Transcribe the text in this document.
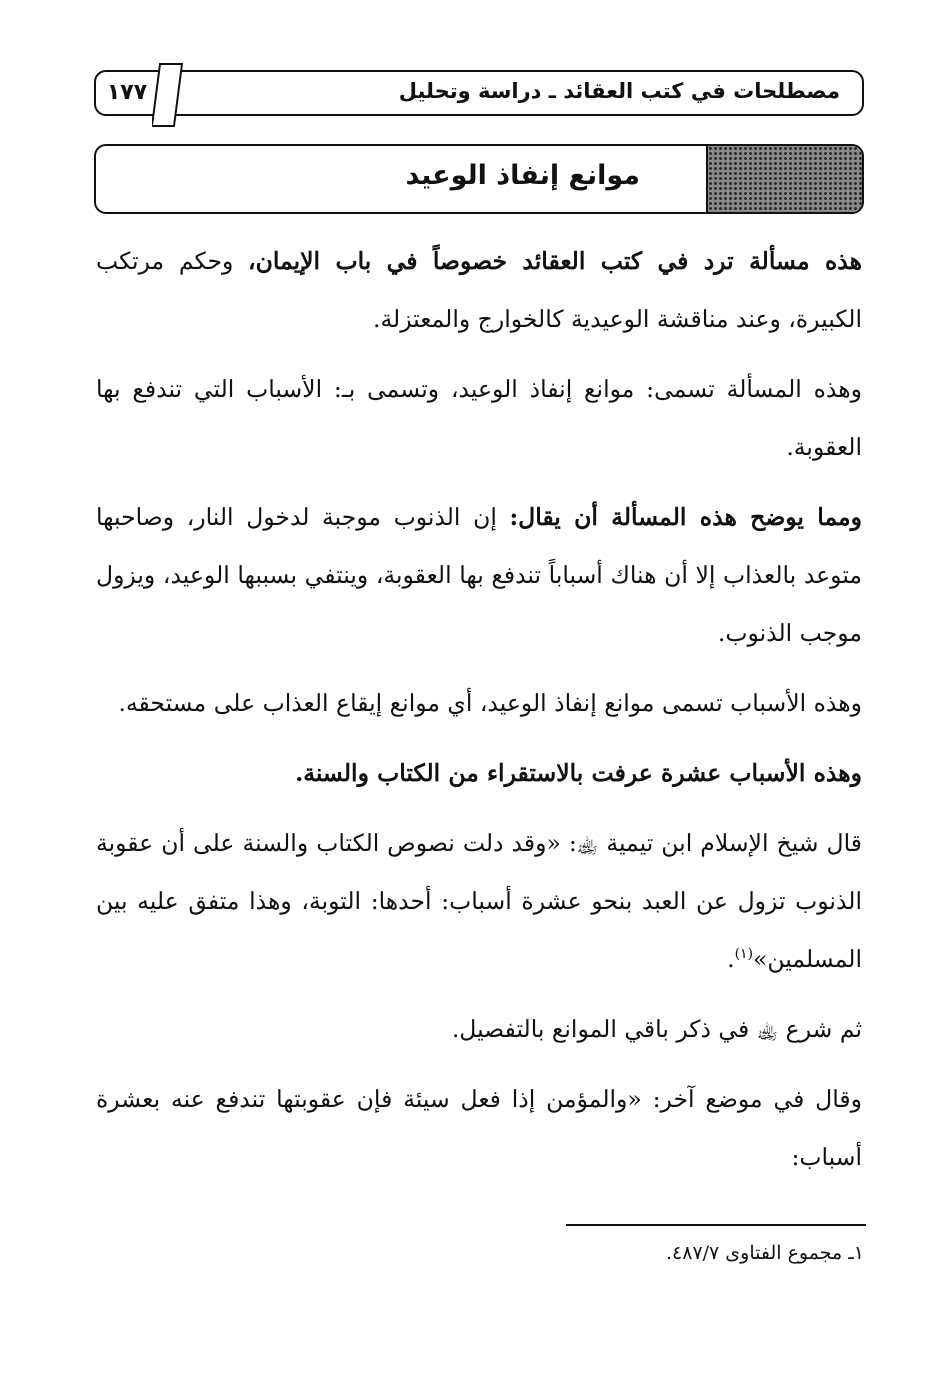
مصطلحات في كتب العقائد ـ دراسة وتحليل
١٧٧
موانع إنفاذ الوعيد

هذه مسألة ترد في كتب العقائد خصوصاً في باب الإيمان، وحكم مرتكب الكبيرة، وعند مناقشة الوعيدية كالخوارج والمعتزلة.

وهذه المسألة تسمى: موانع إنفاذ الوعيد، وتسمى بـ: الأسباب التي تندفع بها العقوبة.

ومما يوضح هذه المسألة أن يقال: إن الذنوب موجبة لدخول النار، وصاحبها متوعد بالعذاب إلا أن هناك أسباباً تندفع بها العقوبة، وينتفي بسببها الوعيد، ويزول موجب الذنوب.

وهذه الأسباب تسمى موانع إنفاذ الوعيد، أي موانع إيقاع العذاب على مستحقه.

وهذه الأسباب عشرة عرفت بالاستقراء من الكتاب والسنة.

قال شيخ الإسلام ابن تيمية ﵀: «وقد دلت نصوص الكتاب والسنة على أن عقوبة الذنوب تزول عن العبد بنحو عشرة أسباب: أحدها: التوبة، وهذا متفق عليه بين المسلمين»$^{(١)}$.

ثم شرع ﵀ في ذكر باقي الموانع بالتفصيل.

وقال في موضع آخر: «والمؤمن إذا فعل سيئة فإن عقوبتها تندفع عنه بعشرة أسباب:

١ـ مجموع الفتاوى ٤٨٧/٧.
